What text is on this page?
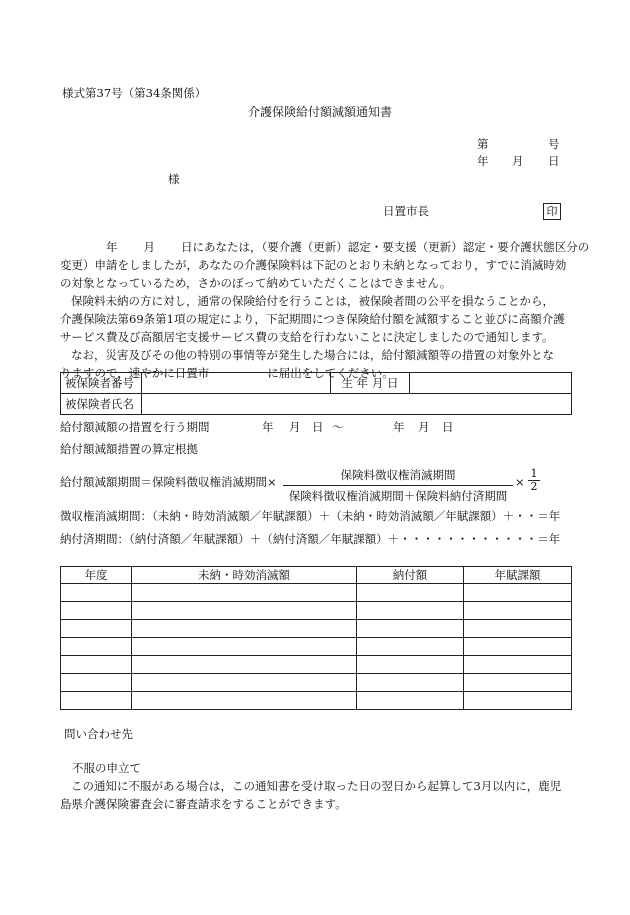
様式第37号（第34条関係）
介護保険給付額減額通知書
第	号
年 月 日
様
日置市長	印
年 月 日にあなたは，（要介護（更新）認定・要支援（更新）認定・要介護状態区分の
変更）申請をしましたが，あなたの介護保険料は下記のとおり未納となっており，すでに消滅時効
の対象となっているため，さかのぼって納めていただくことはできません。
保険料未納の方に対し，通常の保険給付を行うことは，被保険者間の公平を損なうことから，
介護保険法第69条第1項の規定により，下記期間につき保険給付額を減額すること並びに高額介護
サービス費及び高額居宅支援サービス費の支給を行わないことに決定しましたので通知します。
なお，災害及びその他の特別の事情等が発生した場合には，給付額減額等の措置の対象外とな
りますので，速やかに日置市	に届出をしてください。
被保険者番号		生 年 月 日	
被保険者氏名			
給付額減額の措置を行う期間	年 月 日 ～	年 月 日
給付額減額措置の算定根拠
給付額減額期間＝保険料徴収権消滅期間×	保険料徴収権消滅期間
保険料徴収権消滅期間＋保険料納付済期間
× $\frac{1}{2}$
徴収権消滅期間：（未納・時効消滅額／年賦課額）＋（未納・時効消滅額／年賦課額）＋・・＝年
納付済期間：（納付済額／年賦課額）＋（納付済額／年賦課額）＋・・・・・・・・・・・・＝年
年度	未納・時効消滅額	納付額	年賦課額

問い合わせ先
不服の申立て
この通知に不服がある場合は，この通知書を受け取った日の翌日から起算して3月以内に，鹿児
島県介護保険審査会に審査請求をすることができます。
